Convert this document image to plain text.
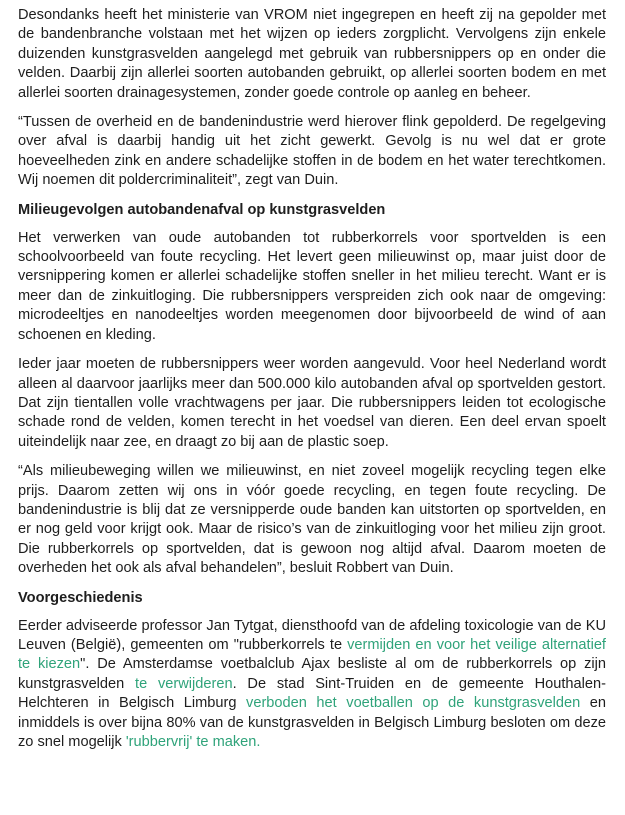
Desondanks heeft het ministerie van VROM niet ingegrepen en heeft zij na gepolder met de bandenbranche volstaan met het wijzen op ieders zorgplicht. Vervolgens zijn enkele duizenden kunstgrasvelden aangelegd met gebruik van rubbersnippers op en onder die velden. Daarbij zijn allerlei soorten autobanden gebruikt, op allerlei soorten bodem en met allerlei soorten drainagesystemen, zonder goede controle op aanleg en beheer.

“Tussen de overheid en de bandenindustrie werd hierover flink gepolderd. De regelgeving over afval is daarbij handig uit het zicht gewerkt. Gevolg is nu wel dat er grote hoeveelheden zink en andere schadelijke stoffen in de bodem en het water terechtkomen. Wij noemen dit poldercriminaliteit”, zegt van Duin.

Milieugevolgen autobandenafval op kunstgrasvelden

Het verwerken van oude autobanden tot rubberkorrels voor sportvelden is een schoolvoorbeeld van foute recycling. Het levert geen milieuwinst op, maar juist door de versnippering komen er allerlei schadelijke stoffen sneller in het milieu terecht. Want er is meer dan de zinkuitloging. Die rubbersnippers verspreiden zich ook naar de omgeving: microdeeltjes en nanodeeltjes worden meegenomen door bijvoorbeeld de wind of aan schoenen en kleding.

Ieder jaar moeten de rubbersnippers weer worden aangevuld. Voor heel Nederland wordt alleen al daarvoor jaarlijks meer dan 500.000 kilo autobanden afval op sportvelden gestort. Dat zijn tientallen volle vrachtwagens per jaar. Die rubbersnippers leiden tot ecologische schade rond de velden, komen terecht in het voedsel van dieren. Een deel ervan spoelt uiteindelijk naar zee, en draagt zo bij aan de plastic soep.

“Als milieubeweging willen we milieuwinst, en niet zoveel mogelijk recycling tegen elke prijs. Daarom zetten wij ons in vóór goede recycling, en tegen foute recycling. De bandenindustrie is blij dat ze versnipperde oude banden kan uitstorten op sportvelden, en er nog geld voor krijgt ook. Maar de risico’s van de zinkuitloging voor het milieu zijn groot. Die rubberkorrels op sportvelden, dat is gewoon nog altijd afval. Daarom moeten de overheden het ook als afval behandelen”, besluit Robbert van Duin.

Voorgeschiedenis

Eerder adviseerde professor Jan Tytgat, diensthoofd van de afdeling toxicologie van de KU Leuven (België), gemeenten om "rubberkorrels te vermijden en voor het veilige alternatief te kiezen". De Amsterdamse voetbalclub Ajax besliste al om de rubberkorrels op zijn kunstgrasvelden te verwijderen. De stad Sint-Truiden en de gemeente Houthalen-Helchteren in Belgisch Limburg verboden het voetballen op de kunstgrasvelden en inmiddels is over bijna 80% van de kunstgrasvelden in Belgisch Limburg besloten om deze zo snel mogelijk 'rubbervrij' te maken.
